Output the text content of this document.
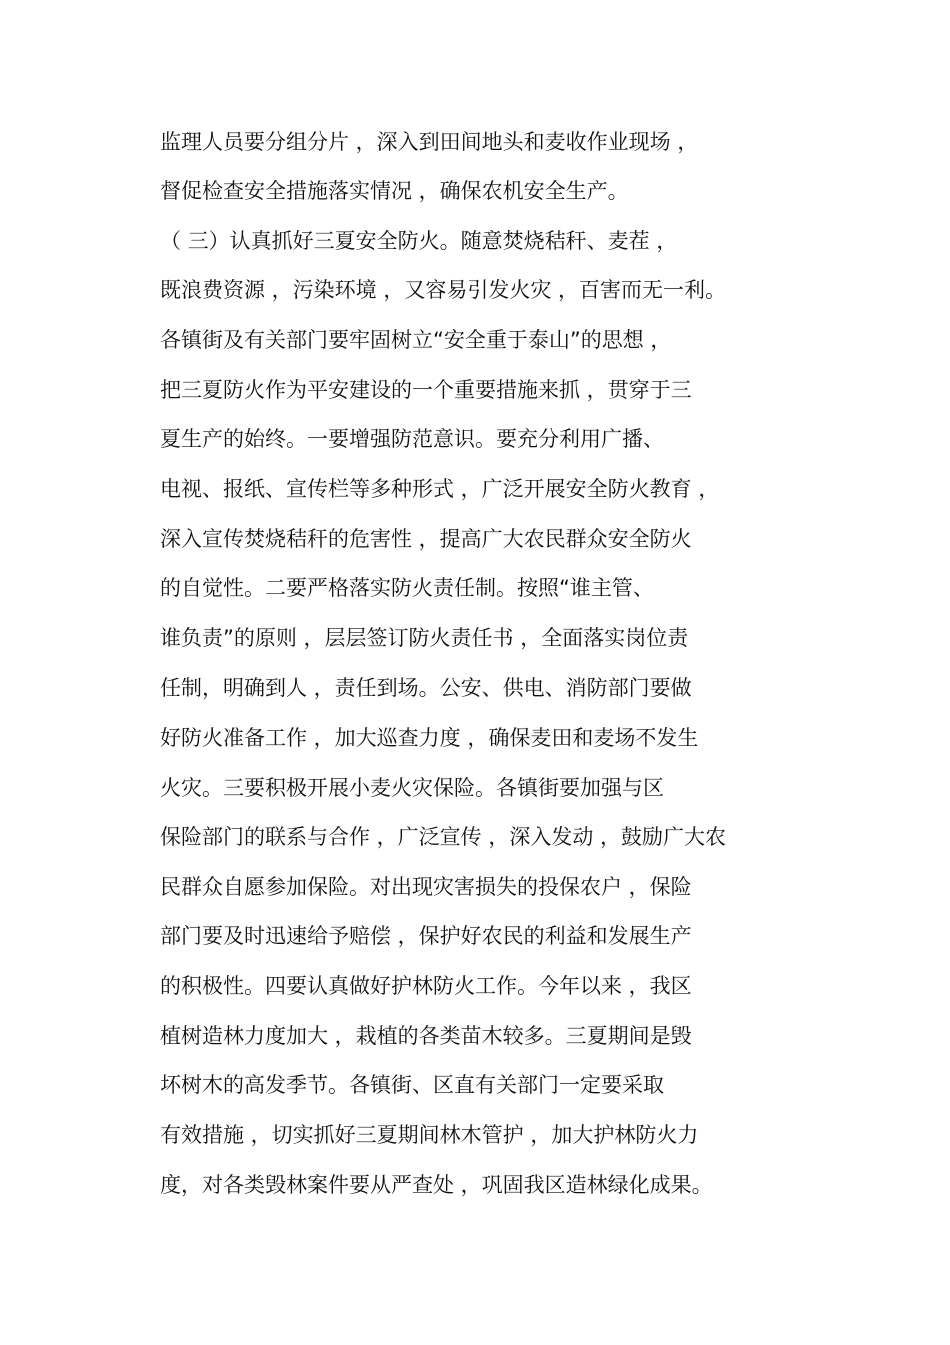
监理人员要分组分片 ，深入到田间地头和麦收作业现场 ，
督促检查安全措施落实情况 ，确保农机安全生产。
（ 三）认真抓好三夏安全防火。随意焚烧秸秆、麦茬 ，
既浪费资源 ，污染环境 ，又容易引发火灾 ，百害而无一利。
各镇街及有关部门要牢固树立“安全重于泰山”的思想 ，
把三夏防火作为平安建设的一个重要措施来抓 ，贯穿于三
夏生产的始终。一要增强防范意识。要充分利用广播、
电视、报纸、宣传栏等多种形式 ，广泛开展安全防火教育 ，
深入宣传焚烧秸秆的危害性 ，提高广大农民群众安全防火
的自觉性。二要严格落实防火责任制。按照“谁主管、
谁负责”的原则 ，层层签订防火责任书 ，全面落实岗位责
任制，明确到人 ，责任到场。公安、供电、消防部门要做
好防火准备工作 ，加大巡查力度 ，确保麦田和麦场不发生
火灾。三要积极开展小麦火灾保险。各镇街要加强与区
保险部门的联系与合作 ，广泛宣传 ，深入发动 ，鼓励广大农
民群众自愿参加保险。对出现灾害损失的投保农户 ，保险
部门要及时迅速给予赔偿 ，保护好农民的利益和发展生产
的积极性。四要认真做好护林防火工作。今年以来 ，我区
植树造林力度加大 ，栽植的各类苗木较多。三夏期间是毁
坏树木的高发季节。各镇街、区直有关部门一定要采取
有效措施 ，切实抓好三夏期间林木管护 ，加大护林防火力
度，对各类毁林案件要从严查处 ，巩固我区造林绿化成果。
